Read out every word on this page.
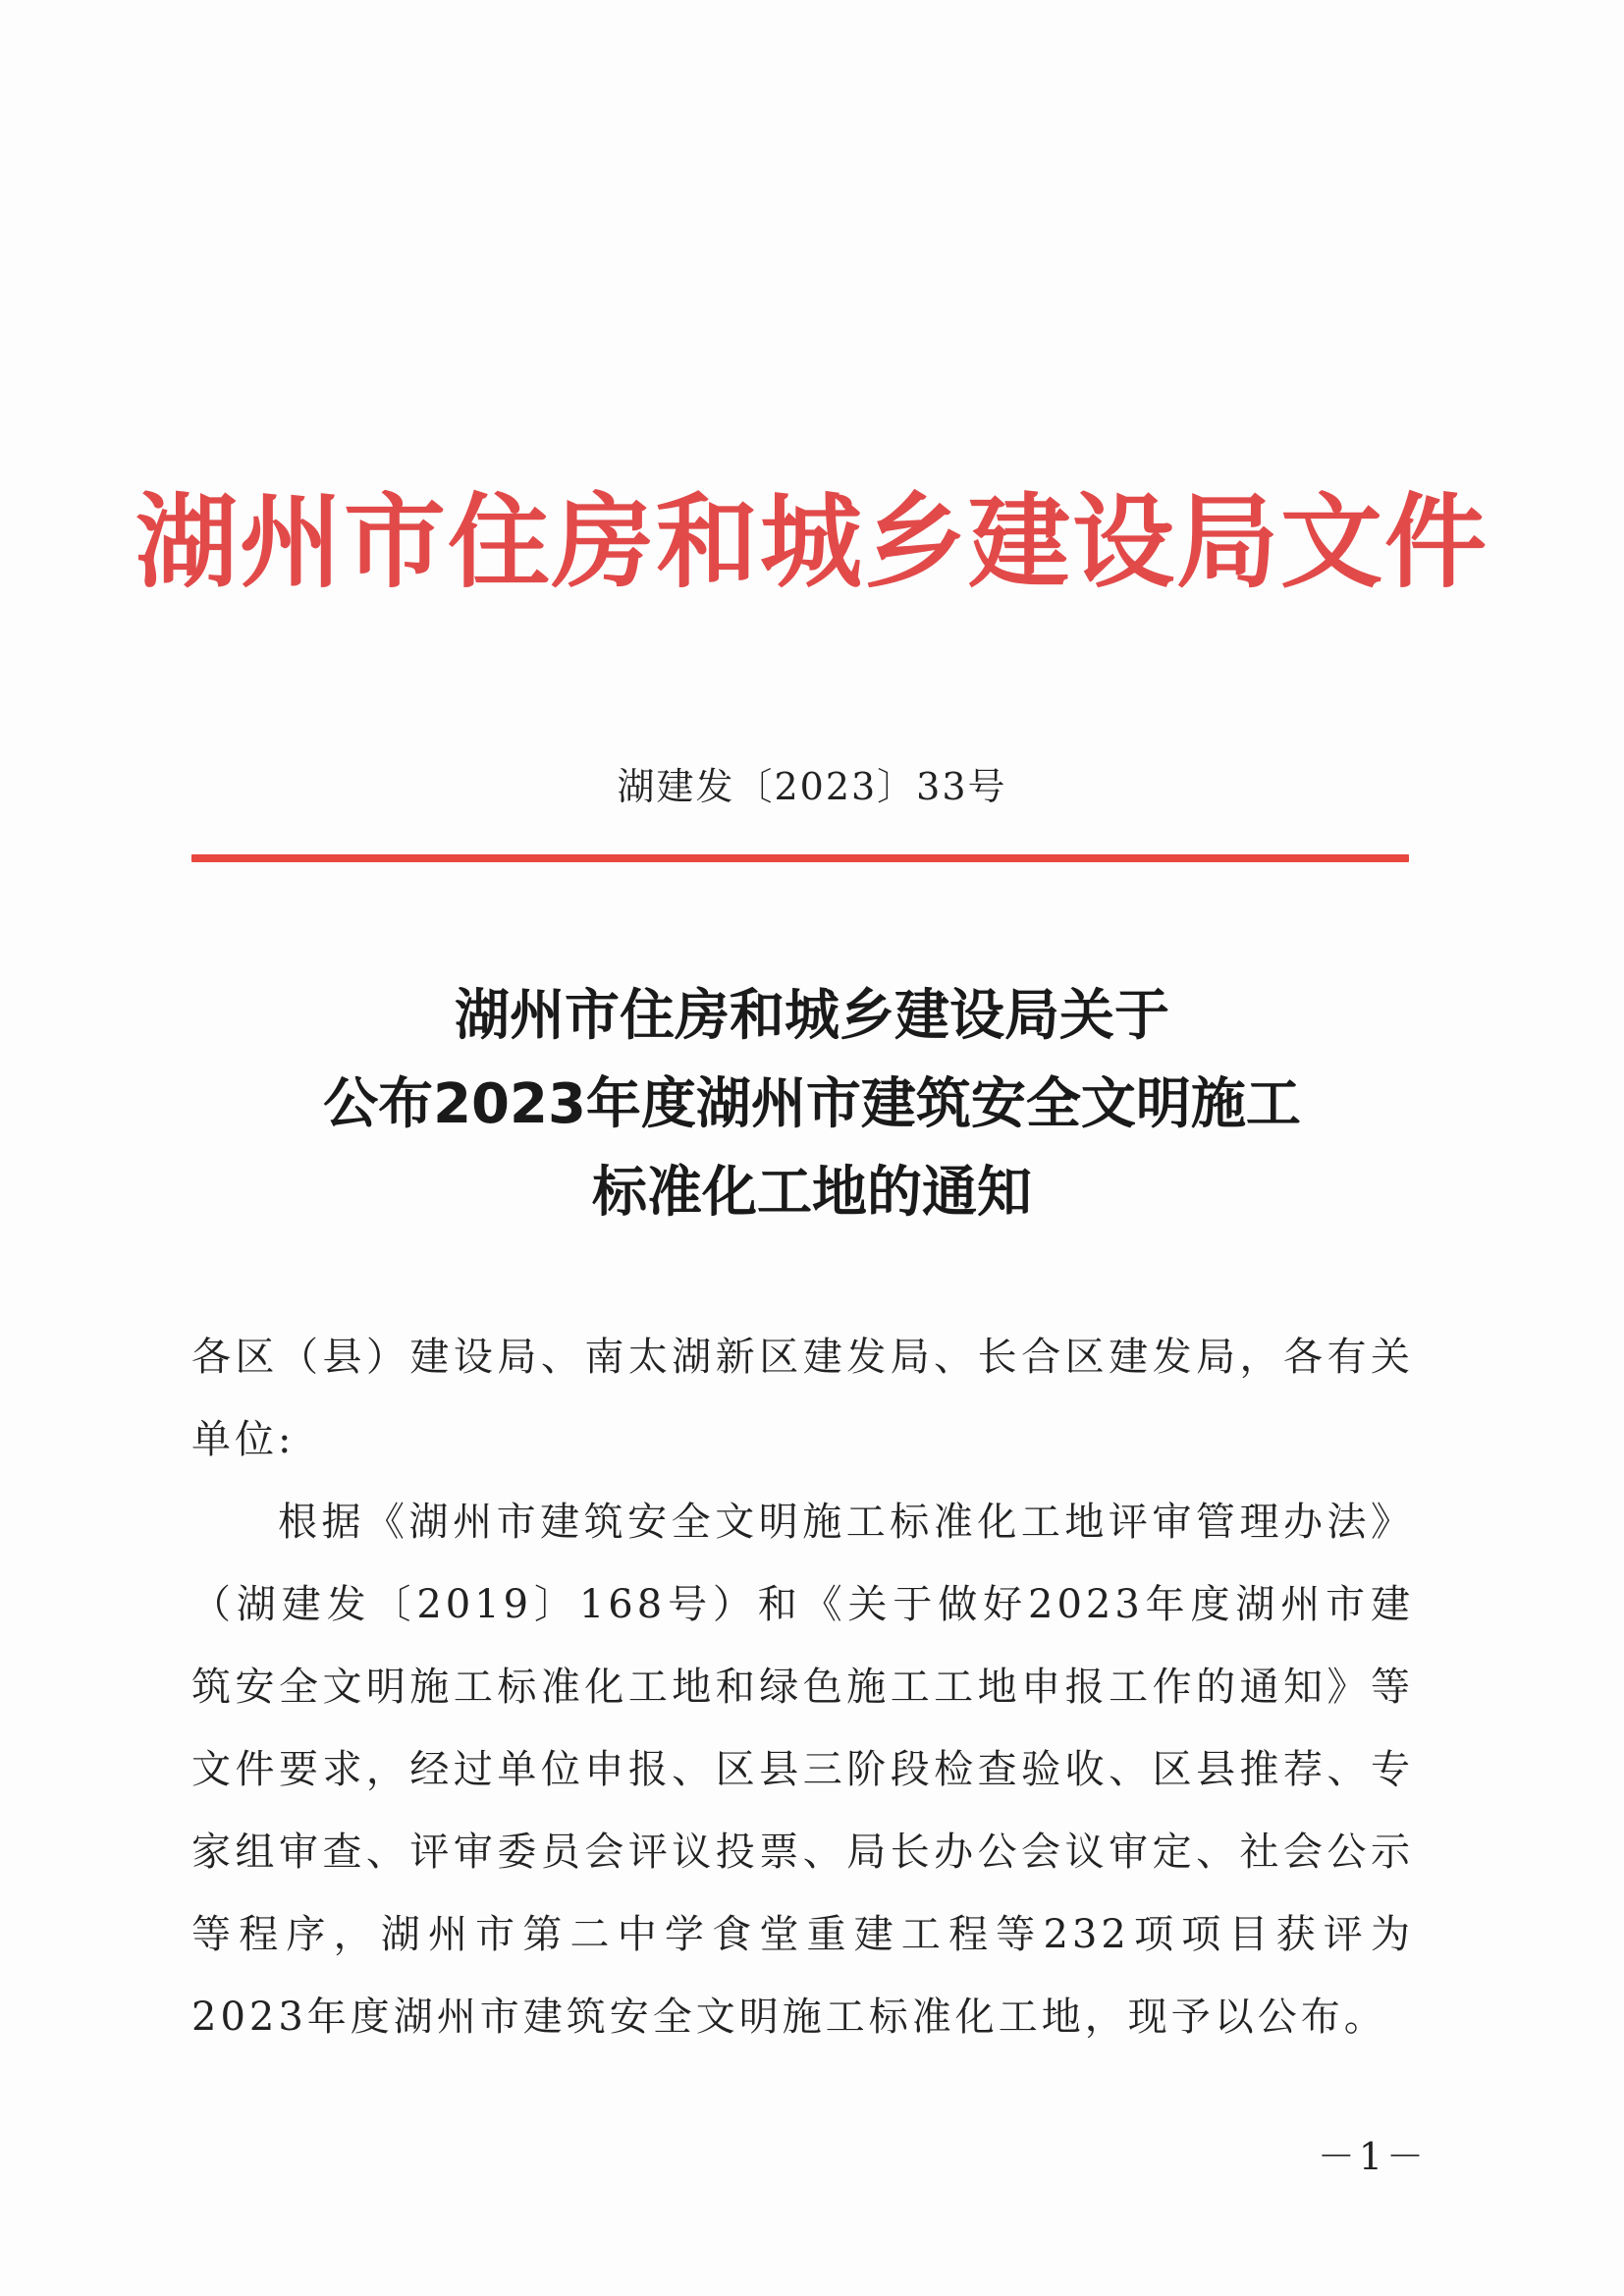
湖州市住房和城乡建设局文件
湖建发〔2023〕33号
湖州市住房和城乡建设局关于
公布2023年度湖州市建筑安全文明施工
标准化工地的通知

各区（县）建设局、南太湖新区建发局、长合区建发局，各有关单位:

根据《湖州市建筑安全文明施工标准化工地评审管理办法》（湖建发〔2019〕168号）和《关于做好2023年度湖州市建筑安全文明施工标准化工地和绿色施工工地申报工作的通知》等文件要求，经过单位申报、区县三阶段检查验收、区县推荐、专家组审查、评审委员会评议投票、局长办公会议审定、社会公示等程序，湖州市第二中学食堂重建工程等232项项目获评为2023年度湖州市建筑安全文明施工标准化工地，现予以公布。

－1－
